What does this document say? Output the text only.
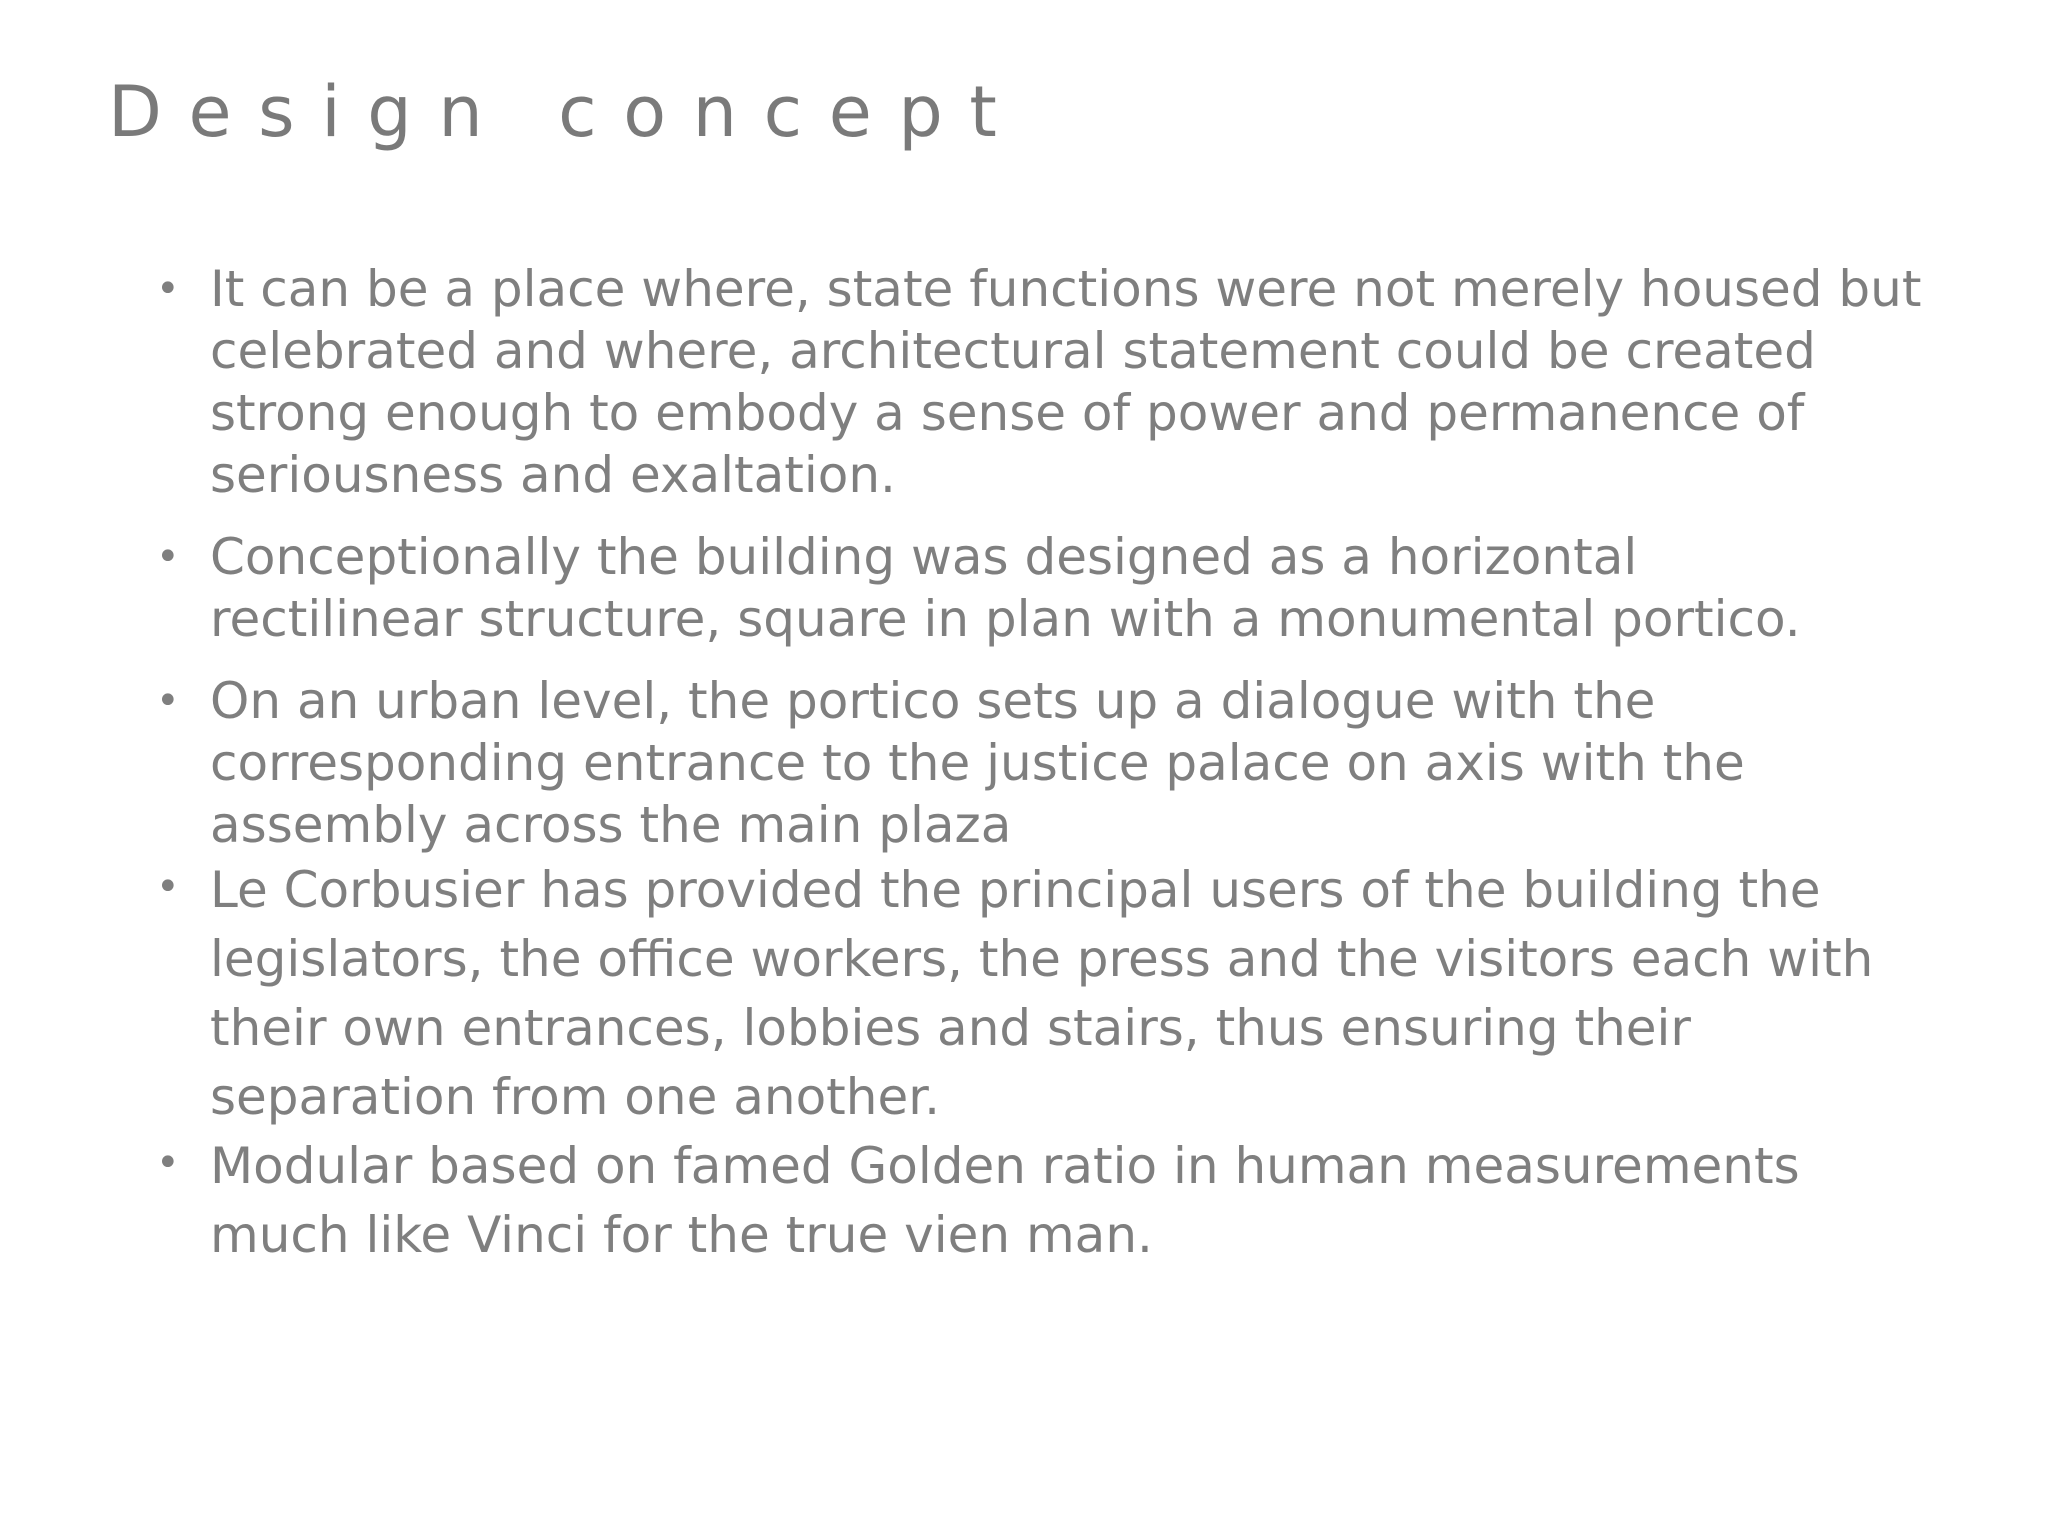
Design concept
• It can be a place where, state functions were not merely housed but
celebrated and where, architectural statement could be created
strong enough to embody a sense of power and permanence of
seriousness and exaltation.
• Conceptionally the building was designed as a horizontal
rectilinear structure, square in plan with a monumental portico.
• On an urban level, the portico sets up a dialogue with the
corresponding entrance to the justice palace on axis with the
assembly across the main plaza
• Le Corbusier has provided the principal users of the building the
legislators, the office workers, the press and the visitors each with
their own entrances, lobbies and stairs, thus ensuring their
separation from one another.
• Modular based on famed Golden ratio in human measurements
much like Vinci for the true vien man.
